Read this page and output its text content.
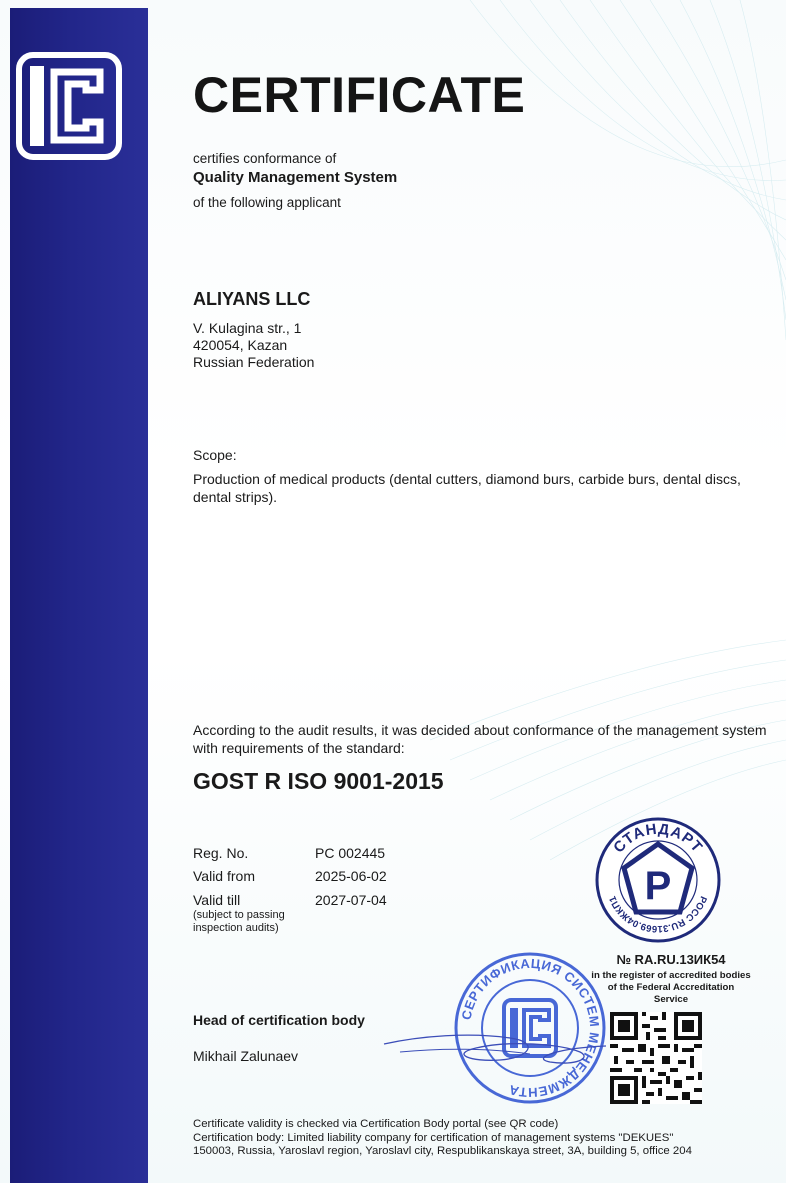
CERTIFICATE
certifies conformance of
Quality Management System
of the following applicant
ALIYANS LLC
V. Kulagina str., 1
420054, Kazan
Russian Federation
Scope:
Production of medical products (dental cutters, diamond burs, carbide burs, dental discs, dental strips).
According to the audit results, it was decided about conformance of the management system with requirements of the standard:
GOST R ISO 9001-2015
Reg. No.	PC 002445
Valid from	2025-06-02
Valid till	2027-07-04
(subject to passing
inspection audits)
P
СТАНДАРТ
РОСС RU.31669.04ЖКП1
№ RA.RU.13ИК54
in the register of accredited bodies
of the Federal Accreditation Service
Head of certification body
Mikhail Zalunaev
СЕРТИФИКАЦИЯ СИСТЕМ МЕНЕДЖМЕНТА
Certificate validity is checked via Certification Body portal (see QR code)
Certification body: Limited liability company for certification of management systems "DEKUES"
150003, Russia, Yaroslavl region, Yaroslavl city, Respublikanskaya street, 3A, building 5, office 204
